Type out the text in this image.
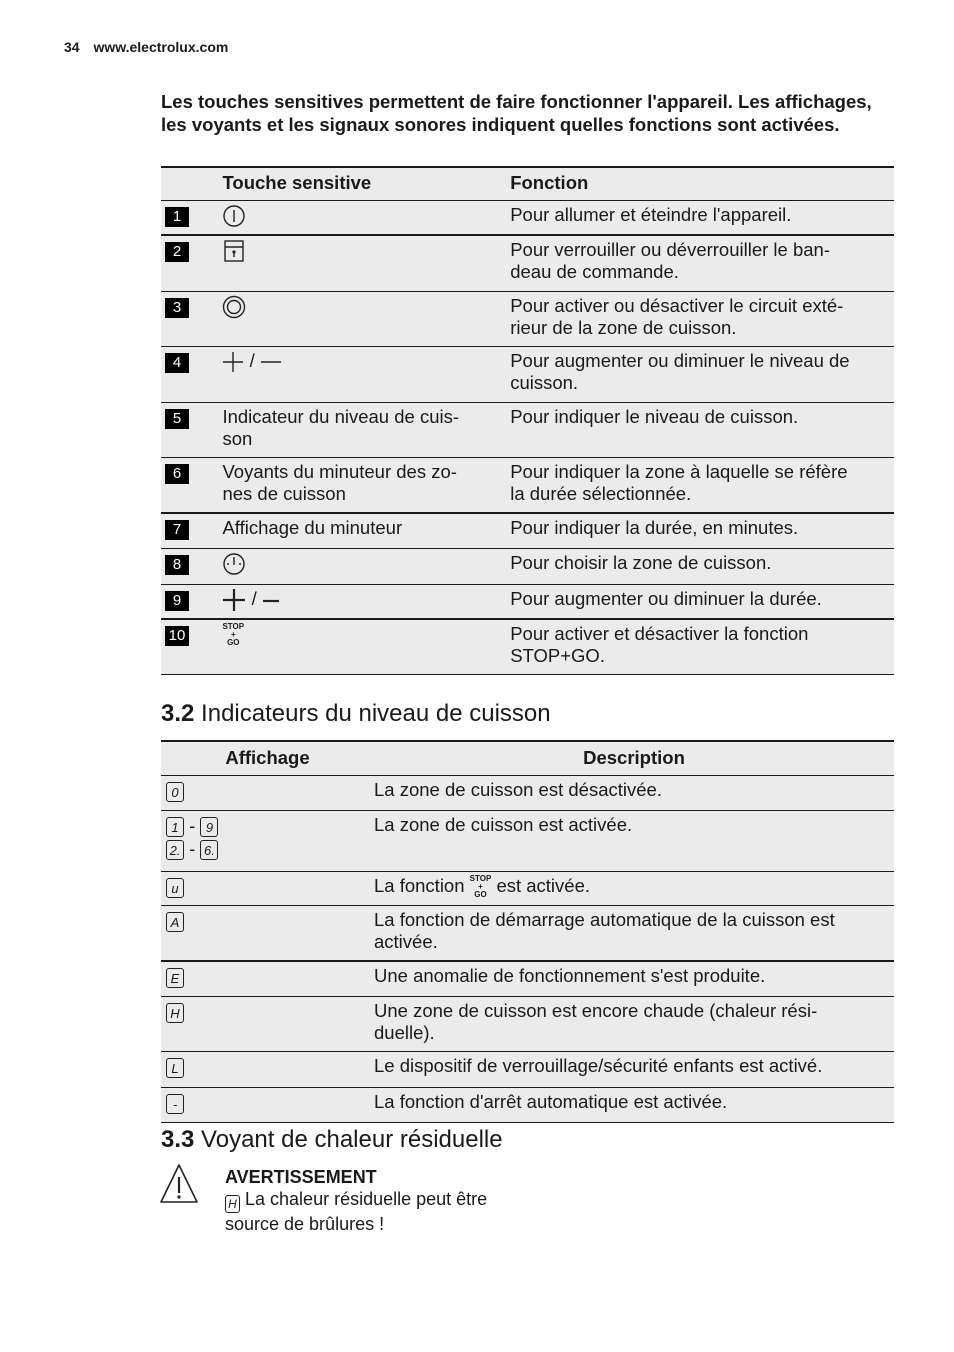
34 www.electrolux.com
Les touches sensitives permettent de faire fonctionner l'appareil. Les affichages, les voyants et les signaux sonores indiquent quelles fonctions sont activées.
	Touche sensitive	Fonction
1		Pour allumer et éteindre l'appareil.
2		Pour verrouiller ou déverrouiller le ban-
deau de commande.
3		Pour activer ou désactiver le circuit exté-
rieur de la zone de cuisson.
4	/	Pour augmenter ou diminuer le niveau de
cuisson.
5	Indicateur du niveau de cuis-
son	Pour indiquer le niveau de cuisson.
6	Voyants du minuteur des zo-
nes de cuisson	Pour indiquer la zone à laquelle se réfère
la durée sélectionnée.
7	Affichage du minuteur	Pour indiquer la durée, en minutes.
8		Pour choisir la zone de cuisson.
9	/	Pour augmenter ou diminuer la durée.
10	STOP
+
GO	Pour activer et désactiver la fonction
STOP+GO.
3.2 Indicateurs du niveau de cuisson
Affichage	Description
0	La zone de cuisson est désactivée.
1 - 9
2. - 6.	La zone de cuisson est activée.
u	La fonction STOP
+
GO est activée.
A	La fonction de démarrage automatique de la cuisson est
activée.
E	Une anomalie de fonctionnement s'est produite.
H	Une zone de cuisson est encore chaude (chaleur rési-
duelle).
L	Le dispositif de verrouillage/sécurité enfants est activé.
-	La fonction d'arrêt automatique est activée.
3.3 Voyant de chaleur résiduelle
AVERTISSEMENT
H La chaleur résiduelle peut être
source de brûlures !
